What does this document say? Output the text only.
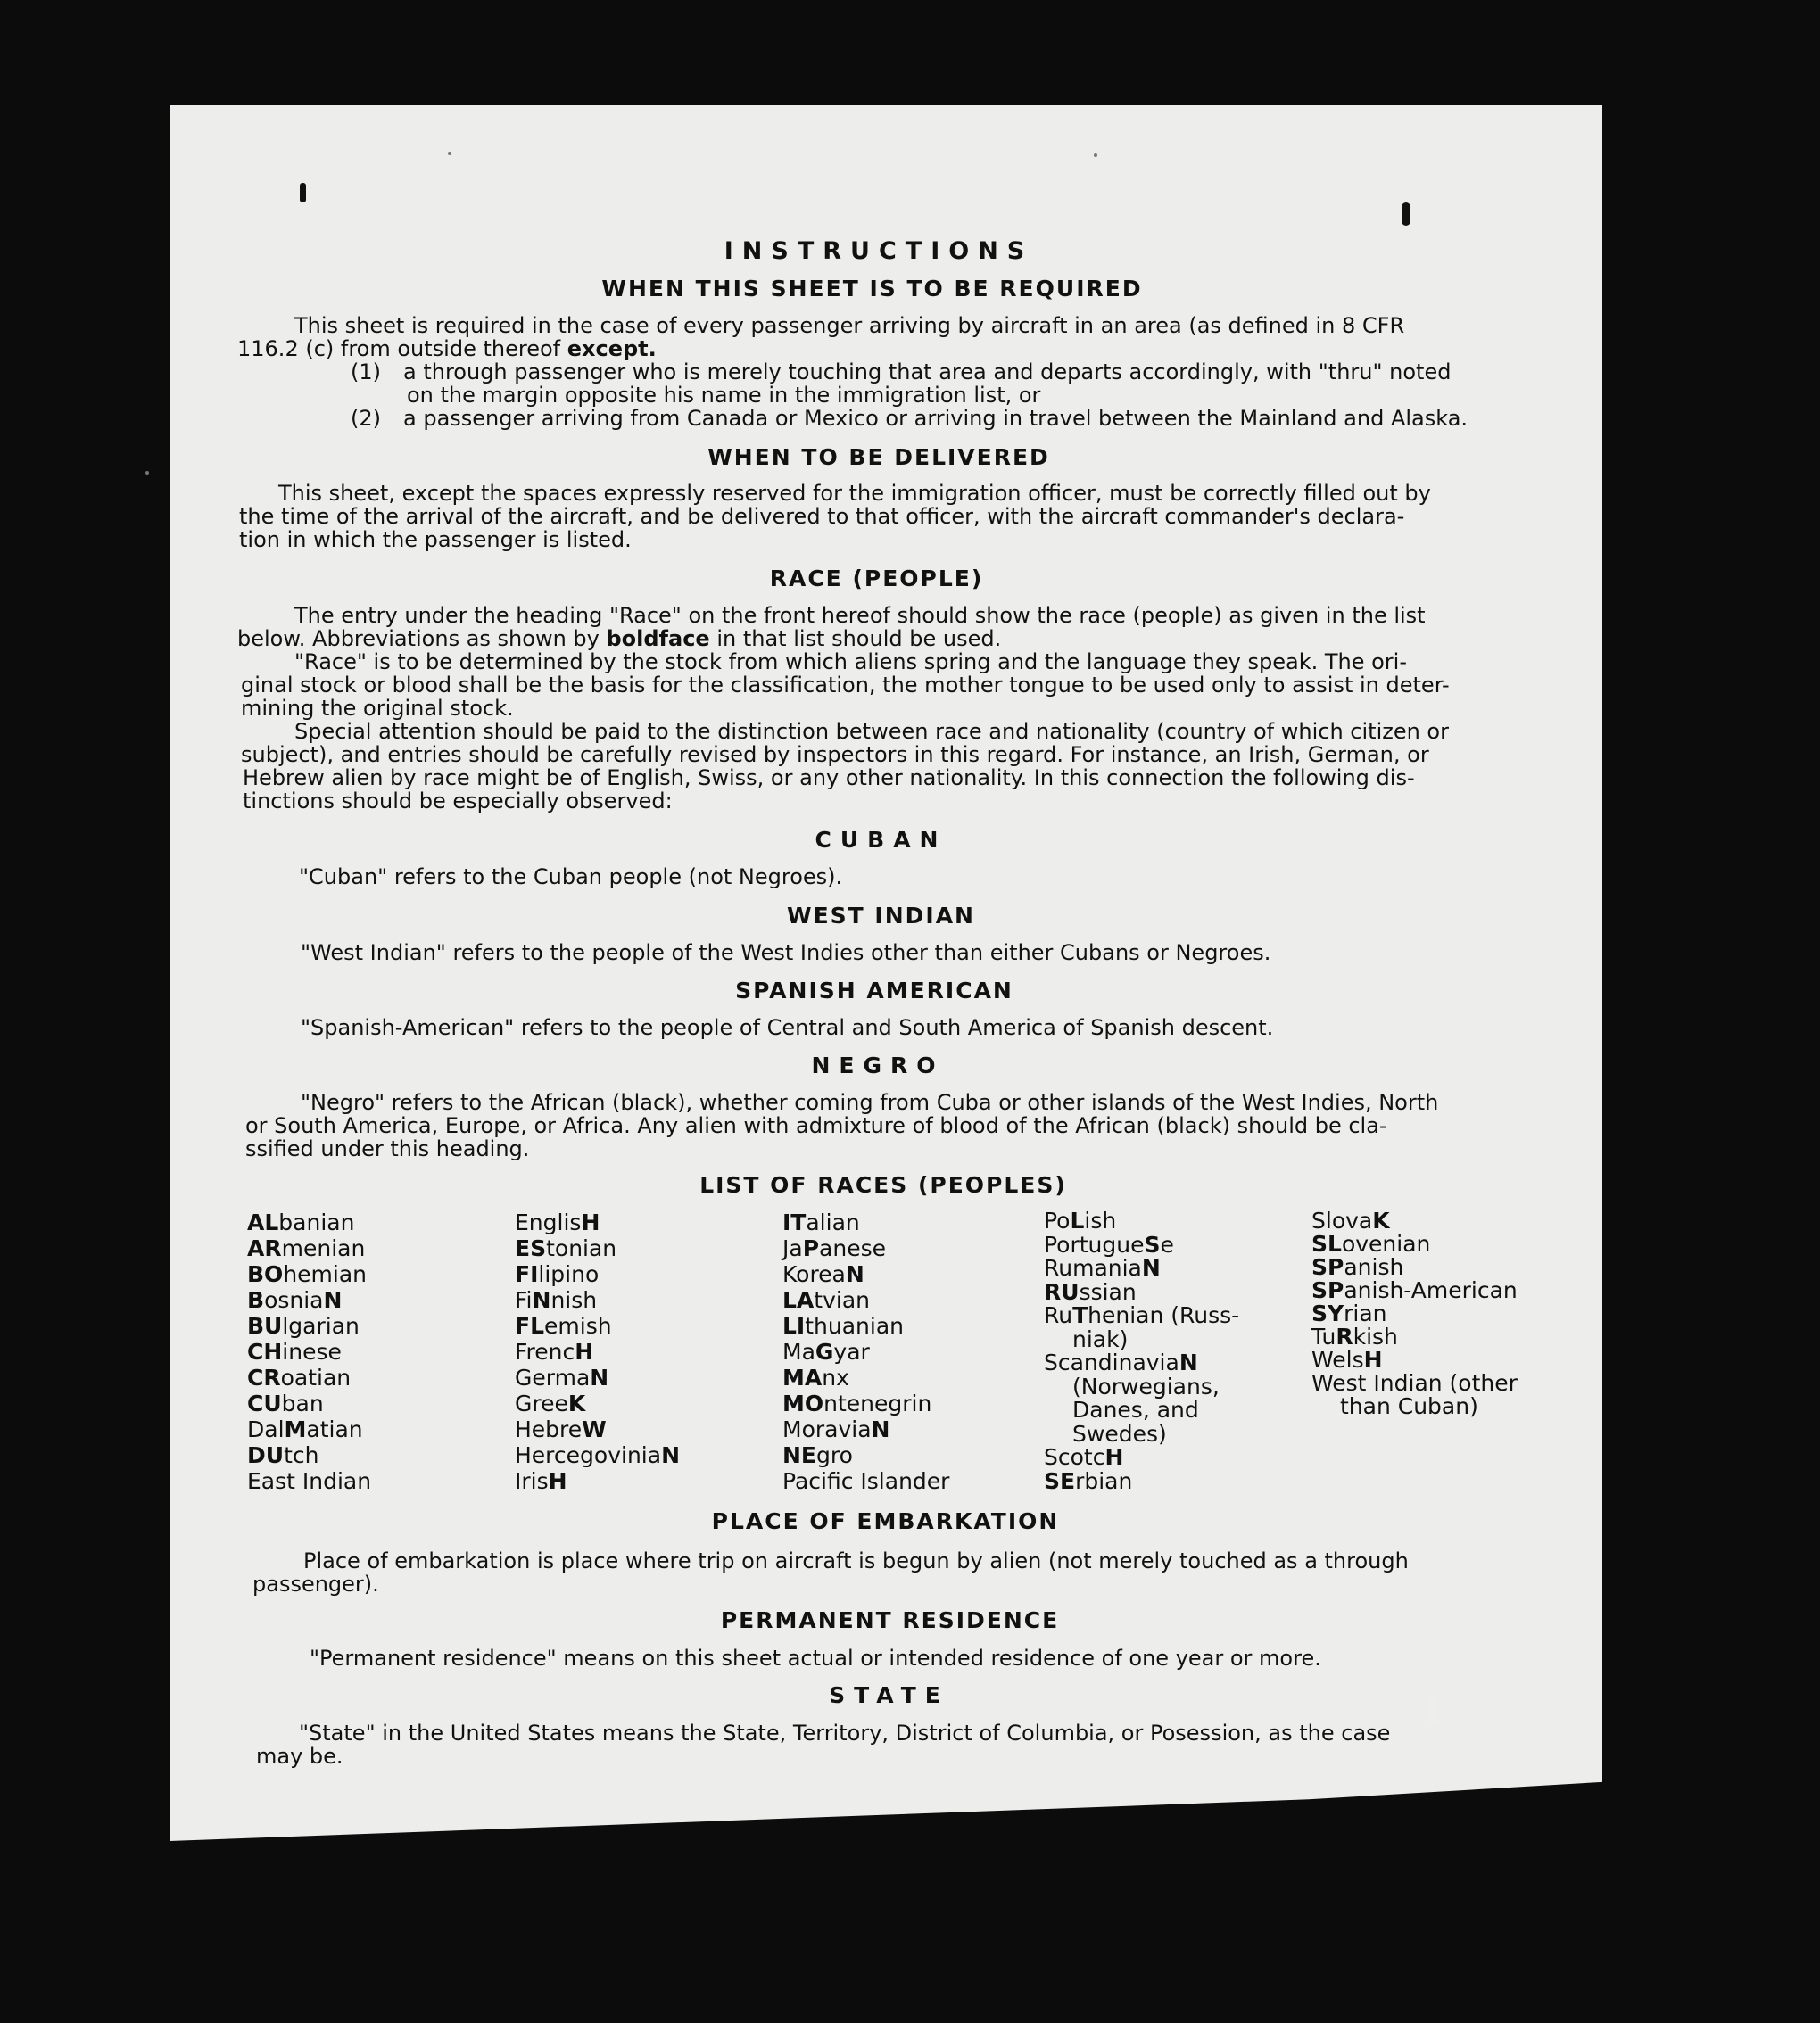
INSTRUCTIONS
WHEN THIS SHEET IS TO BE REQUIRED
This sheet is required in the case of every passenger arriving by aircraft in an area (as defined in 8 CFR
116.2 (c) from outside thereof except.
(1) a through passenger who is merely touching that area and departs accordingly, with "thru" noted
on the margin opposite his name in the immigration list, or
(2) a passenger arriving from Canada or Mexico or arriving in travel between the Mainland and Alaska.
WHEN TO BE DELIVERED
This sheet, except the spaces expressly reserved for the immigration officer, must be correctly filled out by
the time of the arrival of the aircraft, and be delivered to that officer, with the aircraft commander's declara-
tion in which the passenger is listed.
RACE (PEOPLE)
The entry under the heading "Race" on the front hereof should show the race (people) as given in the list
below. Abbreviations as shown by boldface in that list should be used.
"Race" is to be determined by the stock from which aliens spring and the language they speak. The ori-
ginal stock or blood shall be the basis for the classification, the mother tongue to be used only to assist in deter-
mining the original stock.
Special attention should be paid to the distinction between race and nationality (country of which citizen or
subject), and entries should be carefully revised by inspectors in this regard. For instance, an Irish, German, or
Hebrew alien by race might be of English, Swiss, or any other nationality. In this connection the following dis-
tinctions should be especially observed:
CUBAN
"Cuban" refers to the Cuban people (not Negroes).
WEST INDIAN
"West Indian" refers to the people of the West Indies other than either Cubans or Negroes.
SPANISH AMERICAN
"Spanish-American" refers to the people of Central and South America of Spanish descent.
NEGRO
"Negro" refers to the African (black), whether coming from Cuba or other islands of the West Indies, North
or South America, Europe, or Africa. Any alien with admixture of blood of the African (black) should be cla-
ssified under this heading.
LIST OF RACES (PEOPLES)
ALbanian
ARmenian
BOhemian
BosniaN
BUlgarian
CHinese
CRoatian
CUban
DalMatian
DUtch
East Indian
EnglisH
EStonian
FIlipino
FiNnish
FLemish
FrencH
GermaN
GreeK
HebreW
HercegoviniaN
IrisH
ITalian
JaPanese
KoreaN
LAtvian
LIthuanian
MaGyar
MAnx
MOntenegrin
MoraviaN
NEgro
Pacific Islander
PoLish
PortugueSe
RumaniaN
RUssian
RuThenian (Russ-
niak)
ScandinaviaN
(Norwegians,
Danes, and
Swedes)
ScotcH
SErbian
SlovaK
SLovenian
SPanish
SPanish-American
SYrian
TuRkish
WelsH
West Indian (other
than Cuban)
PLACE OF EMBARKATION
Place of embarkation is place where trip on aircraft is begun by alien (not merely touched as a through
passenger).
PERMANENT RESIDENCE
"Permanent residence" means on this sheet actual or intended residence of one year or more.
STATE
"State" in the United States means the State, Territory, District of Columbia, or Posession, as the case
may be.
